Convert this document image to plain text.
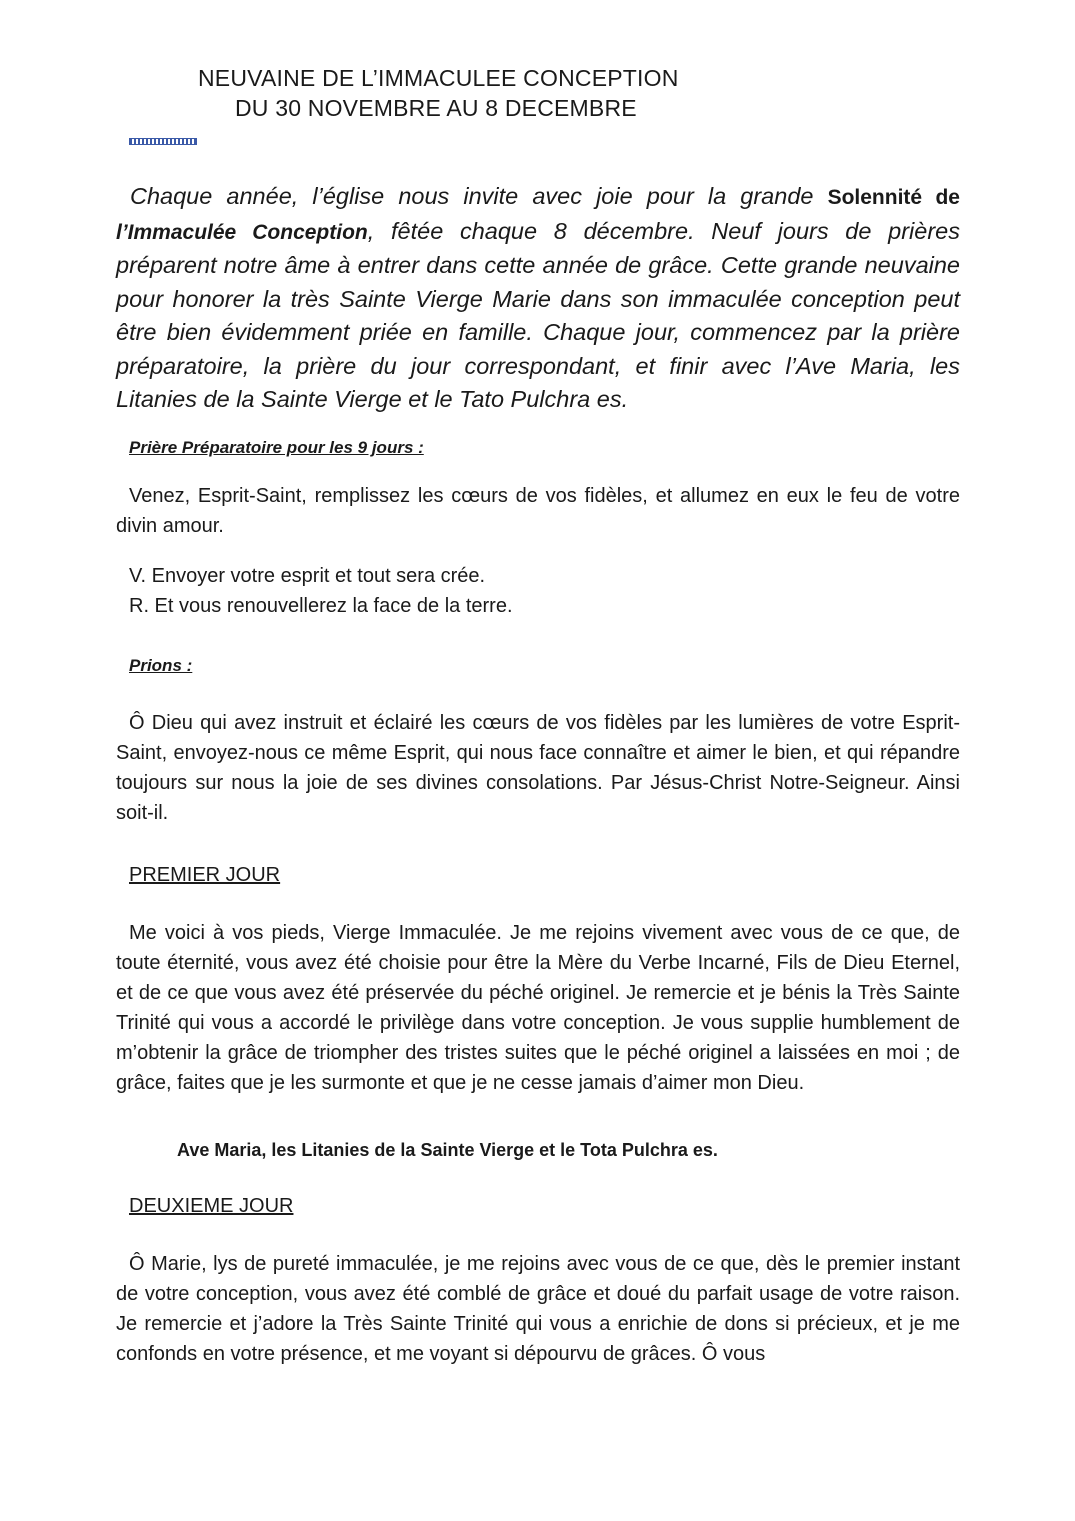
NEUVAINE DE L’IMMACULEE CONCEPTION
DU 30 NOVEMBRE AU 8 DECEMBRE

Chaque année, l’église nous invite avec joie pour la grande Solennité de l’Immaculée Conception, fêtée chaque 8 décembre. Neuf jours de prières préparent notre âme à entrer dans cette année de grâce. Cette grande neuvaine pour honorer la très Sainte Vierge Marie dans son immaculée conception peut être bien évidemment priée en famille. Chaque jour, commencez par la prière préparatoire, la prière du jour correspondant, et finir avec l’Ave Maria, les Litanies de la Sainte Vierge et le Tato Pulchra es.

Prière Préparatoire pour les 9 jours :

Venez, Esprit-Saint, remplissez les cœurs de vos fidèles, et allumez en eux le feu de votre divin amour.

V. Envoyer votre esprit et tout sera crée.
R. Et vous renouvellerez la face de la terre.
Prions :

Ô Dieu qui avez instruit et éclairé les cœurs de vos fidèles par les lumières de votre Esprit-Saint, envoyez-nous ce même Esprit, qui nous face connaître et aimer le bien, et qui répandre toujours sur nous la joie de ses divines consolations. Par Jésus-Christ Notre-Seigneur. Ainsi soit-il.

PREMIER JOUR

Me voici à vos pieds, Vierge Immaculée. Je me rejoins vivement avec vous de ce que, de toute éternité, vous avez été choisie pour être la Mère du Verbe Incarné, Fils de Dieu Eternel, et de ce que vous avez été préservée du péché originel. Je remercie et je bénis la Très Sainte Trinité qui vous a accordé le privilège dans votre conception. Je vous supplie humblement de m’obtenir la grâce de triompher des tristes suites que le péché originel a laissées en moi ; de grâce, faites que je les surmonte et que je ne cesse jamais d’aimer mon Dieu.

Ave Maria, les Litanies de la Sainte Vierge et le Tota Pulchra es.
DEUXIEME JOUR

Ô Marie, lys de pureté immaculée, je me rejoins avec vous de ce que, dès le premier instant de votre conception, vous avez été comblé de grâce et doué du parfait usage de votre raison. Je remercie et j’adore la Très Sainte Trinité qui vous a enrichie de dons si précieux, et je me confonds en votre présence, et me voyant si dépourvu de grâces. Ô vous
